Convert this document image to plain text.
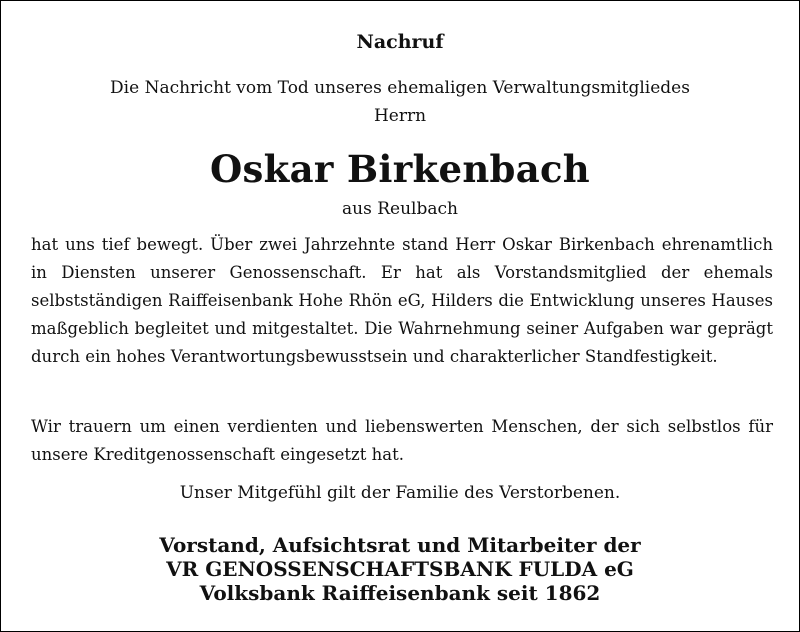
Nachruf
Die Nachricht vom Tod unseres ehemaligen Verwaltungsmitgliedes
Herrn
Oskar Birkenbach
aus Reulbach

hat uns tief bewegt. Über zwei Jahrzehnte stand Herr Oskar Birkenbach ehrenamtlich in Diensten unserer Genossenschaft. Er hat als Vorstandsmitglied der ehemals selbstständigen Raiffeisenbank Hohe Rhön eG, Hilders die Entwicklung unseres Hauses maßgeblich begleitet und mitgestaltet. Die Wahrnehmung seiner Aufgaben war geprägt durch ein hohes Verantwortungsbewusstsein und charakterlicher Standfestigkeit.

Wir trauern um einen verdienten und liebenswerten Menschen, der sich selbstlos für unsere Kreditgenossenschaft eingesetzt hat.

Unser Mitgefühl gilt der Familie des Verstorbenen.
Vorstand, Aufsichtsrat und Mitarbeiter der
VR GENOSSENSCHAFTSBANK FULDA eG
Volksbank Raiffeisenbank seit 1862
